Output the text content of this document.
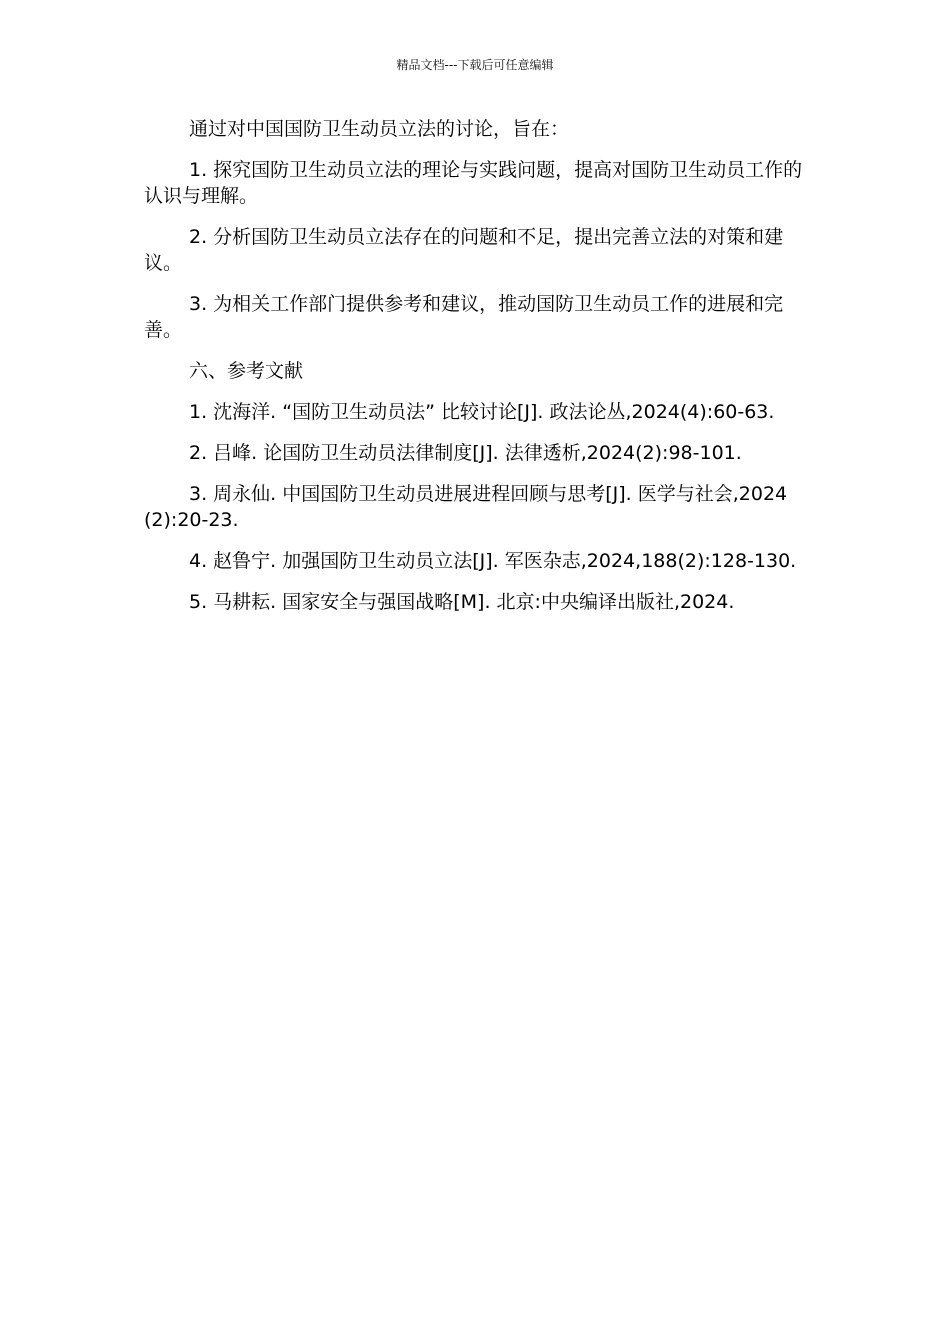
精品文档---下载后可任意编辑

通过对中国国防卫生动员立法的讨论，旨在：

1. 探究国防卫生动员立法的理论与实践问题，提高对国防卫生动员工作的认识与理解。

2. 分析国防卫生动员立法存在的问题和不足，提出完善立法的对策和建议。

3. 为相关工作部门提供参考和建议，推动国防卫生动员工作的进展和完善。

六、参考文献

1. 沈海洋. “国防卫生动员法” 比较讨论[J]. 政法论丛,2024(4):60-63.

2. 吕峰. 论国防卫生动员法律制度[J]. 法律透析,2024(2):98-101.

3. 周永仙. 中国国防卫生动员进展进程回顾与思考[J]. 医学与社会,2024(2):20-23.

4. 赵鲁宁. 加强国防卫生动员立法[J]. 军医杂志,2024,188(2):128-130.

5. 马耕耘. 国家安全与强国战略[M]. 北京:中央编译出版社,2024.
